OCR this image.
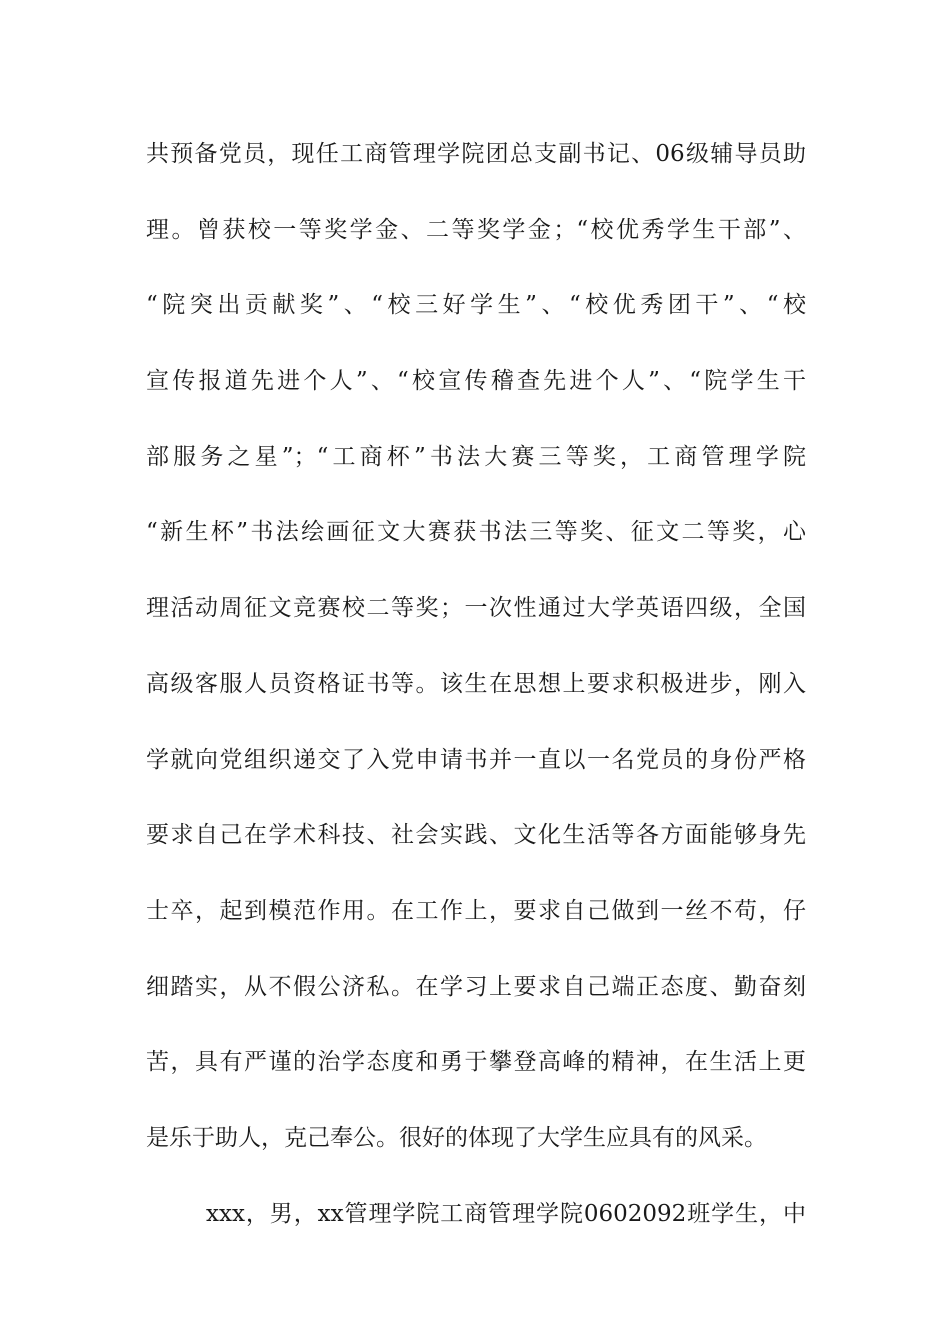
共预备党员，现任工商管理学院团总支副书记、06级辅导员助
理。曾获校一等奖学金、二等奖学金；“校优秀学生干部”、
“院突出贡献奖”、“校三好学生”、“校优秀团干”、“校
宣传报道先进个人”、“校宣传稽查先进个人”、“院学生干
部服务之星”；“工商杯”书法大赛三等奖，工商管理学院
“新生杯”书法绘画征文大赛获书法三等奖、征文二等奖，心
理活动周征文竞赛校二等奖；一次性通过大学英语四级，全国
高级客服人员资格证书等。该生在思想上要求积极进步，刚入
学就向党组织递交了入党申请书并一直以一名党员的身份严格
要求自己在学术科技、社会实践、文化生活等各方面能够身先
士卒，起到模范作用。在工作上，要求自己做到一丝不苟，仔
细踏实，从不假公济私。在学习上要求自己端正态度、勤奋刻
苦，具有严谨的治学态度和勇于攀登高峰的精神，在生活上更
是乐于助人，克己奉公。很好的体现了大学生应具有的风采。
xxx，男，xx管理学院工商管理学院0602092班学生，中
